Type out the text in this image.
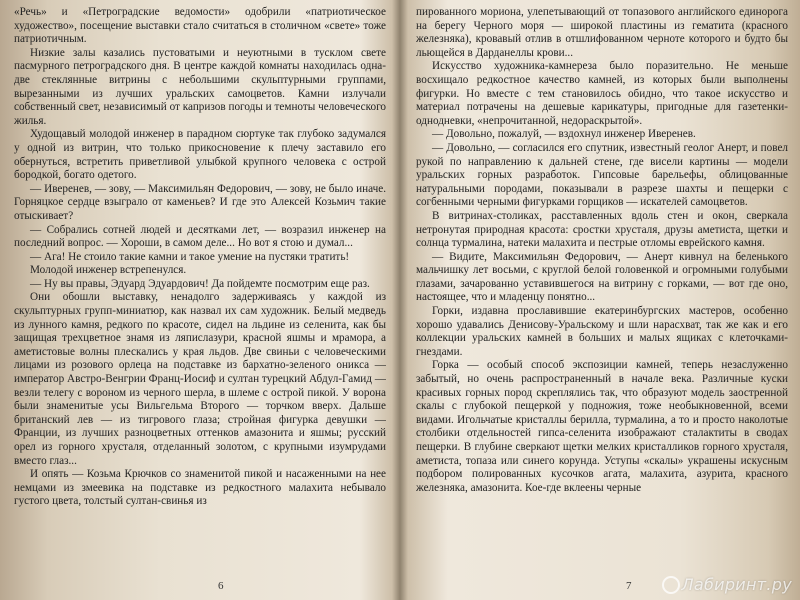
«Речь» и «Петроградские ведомости» одобрили «патриотическое художество», посещение выставки стало считаться в столичном «свете» тоже патриотичным.

Низкие залы казались пустоватыми и неуютными в тусклом свете пасмурного петроградского дня. В центре каждой комнаты находилась одна-две стеклянные витрины с небольшими скульптурными группами, вырезанными из лучших уральских самоцветов. Камни излучали собственный свет, независимый от капризов погоды и темноты человеческого жилья.

Худощавый молодой инженер в парадном сюртуке так глубоко задумался у одной из витрин, что только прикосновение к плечу заставило его обернуться, встретить приветливой улыбкой крупного человека с острой бородкой, богато одетого.

— Иверенев, — зову, — Максимильян Федорович, — зову, не было иначе. Горняцкое сердце взыграло от каменьев? И где это Алексей Козьмич такие отыскивает?

— Собрались сотней людей и десятками лет, — возразил инженер на последний вопрос. — Хороши, в самом деле... Но вот я стою и думал...

— Ага! Не стоило такие камни и такое умение на пустяки тратить!

Молодой инженер встрепенулся.

— Ну вы правы, Эдуард Эдуардович! Да пойдемте посмотрим еще раз.

Они обошли выставку, ненадолго задерживаясь у каждой из скульптурных групп-миниатюр, как назвал их сам художник. Белый медведь из лунного камня, редкого по красоте, сидел на льдине из селенита, как бы защищая трехцветное знамя из ляпислазури, красной яшмы и мрамора, а аметистовые волны плескались у края льдов. Две свиньи с человеческими лицами из розового орлеца на подставке из бархатно-зеленого оникса — император Австро-Венгрии Франц-Иосиф и султан турецкий Абдул-Гамид — везли телегу с вороном из черного шерла, в шлеме с острой пикой. У ворона были знаменитые усы Вильгельма Второго — торчком вверх. Дальше британский лев — из тигрового глаза; стройная фигурка девушки — Франции, из лучших разноцветных оттенков амазонита и яшмы; русский орел из горного хрусталя, отделанный золотом, с крупными изумрудами вместо глаз...

И опять — Козьма Крючков со знаменитой пикой и насаженными на нее немцами из змеевика на подставке из редкостного малахита небывало густого цвета, толстый султан-свинья из

6

пированного мориона, улепетывающий от топазового английского единорога на берегу Черного моря — широкой пластины из гематита (красного железняка), кровавый отлив в отшлифованном черноте которого и будто бы льющейся в Дарданеллы крови...

Искусство художника-камнереза было поразительно. Не меньше восхищало редкостное качество камней, из которых были выполнены фигурки. Но вместе с тем становилось обидно, что такое искусство и материал потрачены на дешевые карикатуры, пригодные для газетенки-однодневки, «непрочитанной, недораскрытой».

— Довольно, пожалуй, — вздохнул инженер Иверенев.

— Довольно, — согласился его спутник, известный геолог Анерт, и повел рукой по направлению к дальней стене, где висели картины — модели уральских горных разработок. Гипсовые барельефы, облицованные натуральными породами, показывали в разрезе шахты и пещерки с согбенными черными фигурками горщиков — искателей самоцветов.

В витринах-столиках, расставленных вдоль стен и окон, сверкала нетронутая природная красота: сростки хрусталя, друзы аметиста, щетки и солнца турмалина, натеки малахита и пестрые отломы еврейского камня.

— Видите, Максимильян Федорович, — Анерт кивнул на беленького мальчишку лет восьми, с круглой белой головенкой и огромными голубыми глазами, зачарованно уставившегося на витрину с горками, — вот где оно, настоящее, что и младенцу понятно...

Горки, издавна прославившие екатеринбургских мастеров, особенно хорошо удавались Денисову-Уральскому и шли нарасхват, так же как и его коллекции уральских камней в больших и малых ящиках с клеточками-гнездами.

Горка — особый способ экспозиции камней, теперь незаслуженно забытый, но очень распространенный в начале века. Различные куски красивых горных пород скреплялись так, что образуют модель заостренной скалы с глубокой пещеркой у подножия, тоже необыкновенной, всеми видами. Игольчатые кристаллы берилла, турмалина, а то и просто наколотые столбики отдельностей гипса-селенита изображают сталактиты в сводах пещерки. В глубине сверкают щетки мелких кристалликов горного хрусталя, аметиста, топаза или синего корунда. Уступы «скалы» украшены искусным подбором полированных кусочков агата, малахита, азурита, красного железняка, амазонита. Кое-где вклеены черные

7	Лабиринт.ру
